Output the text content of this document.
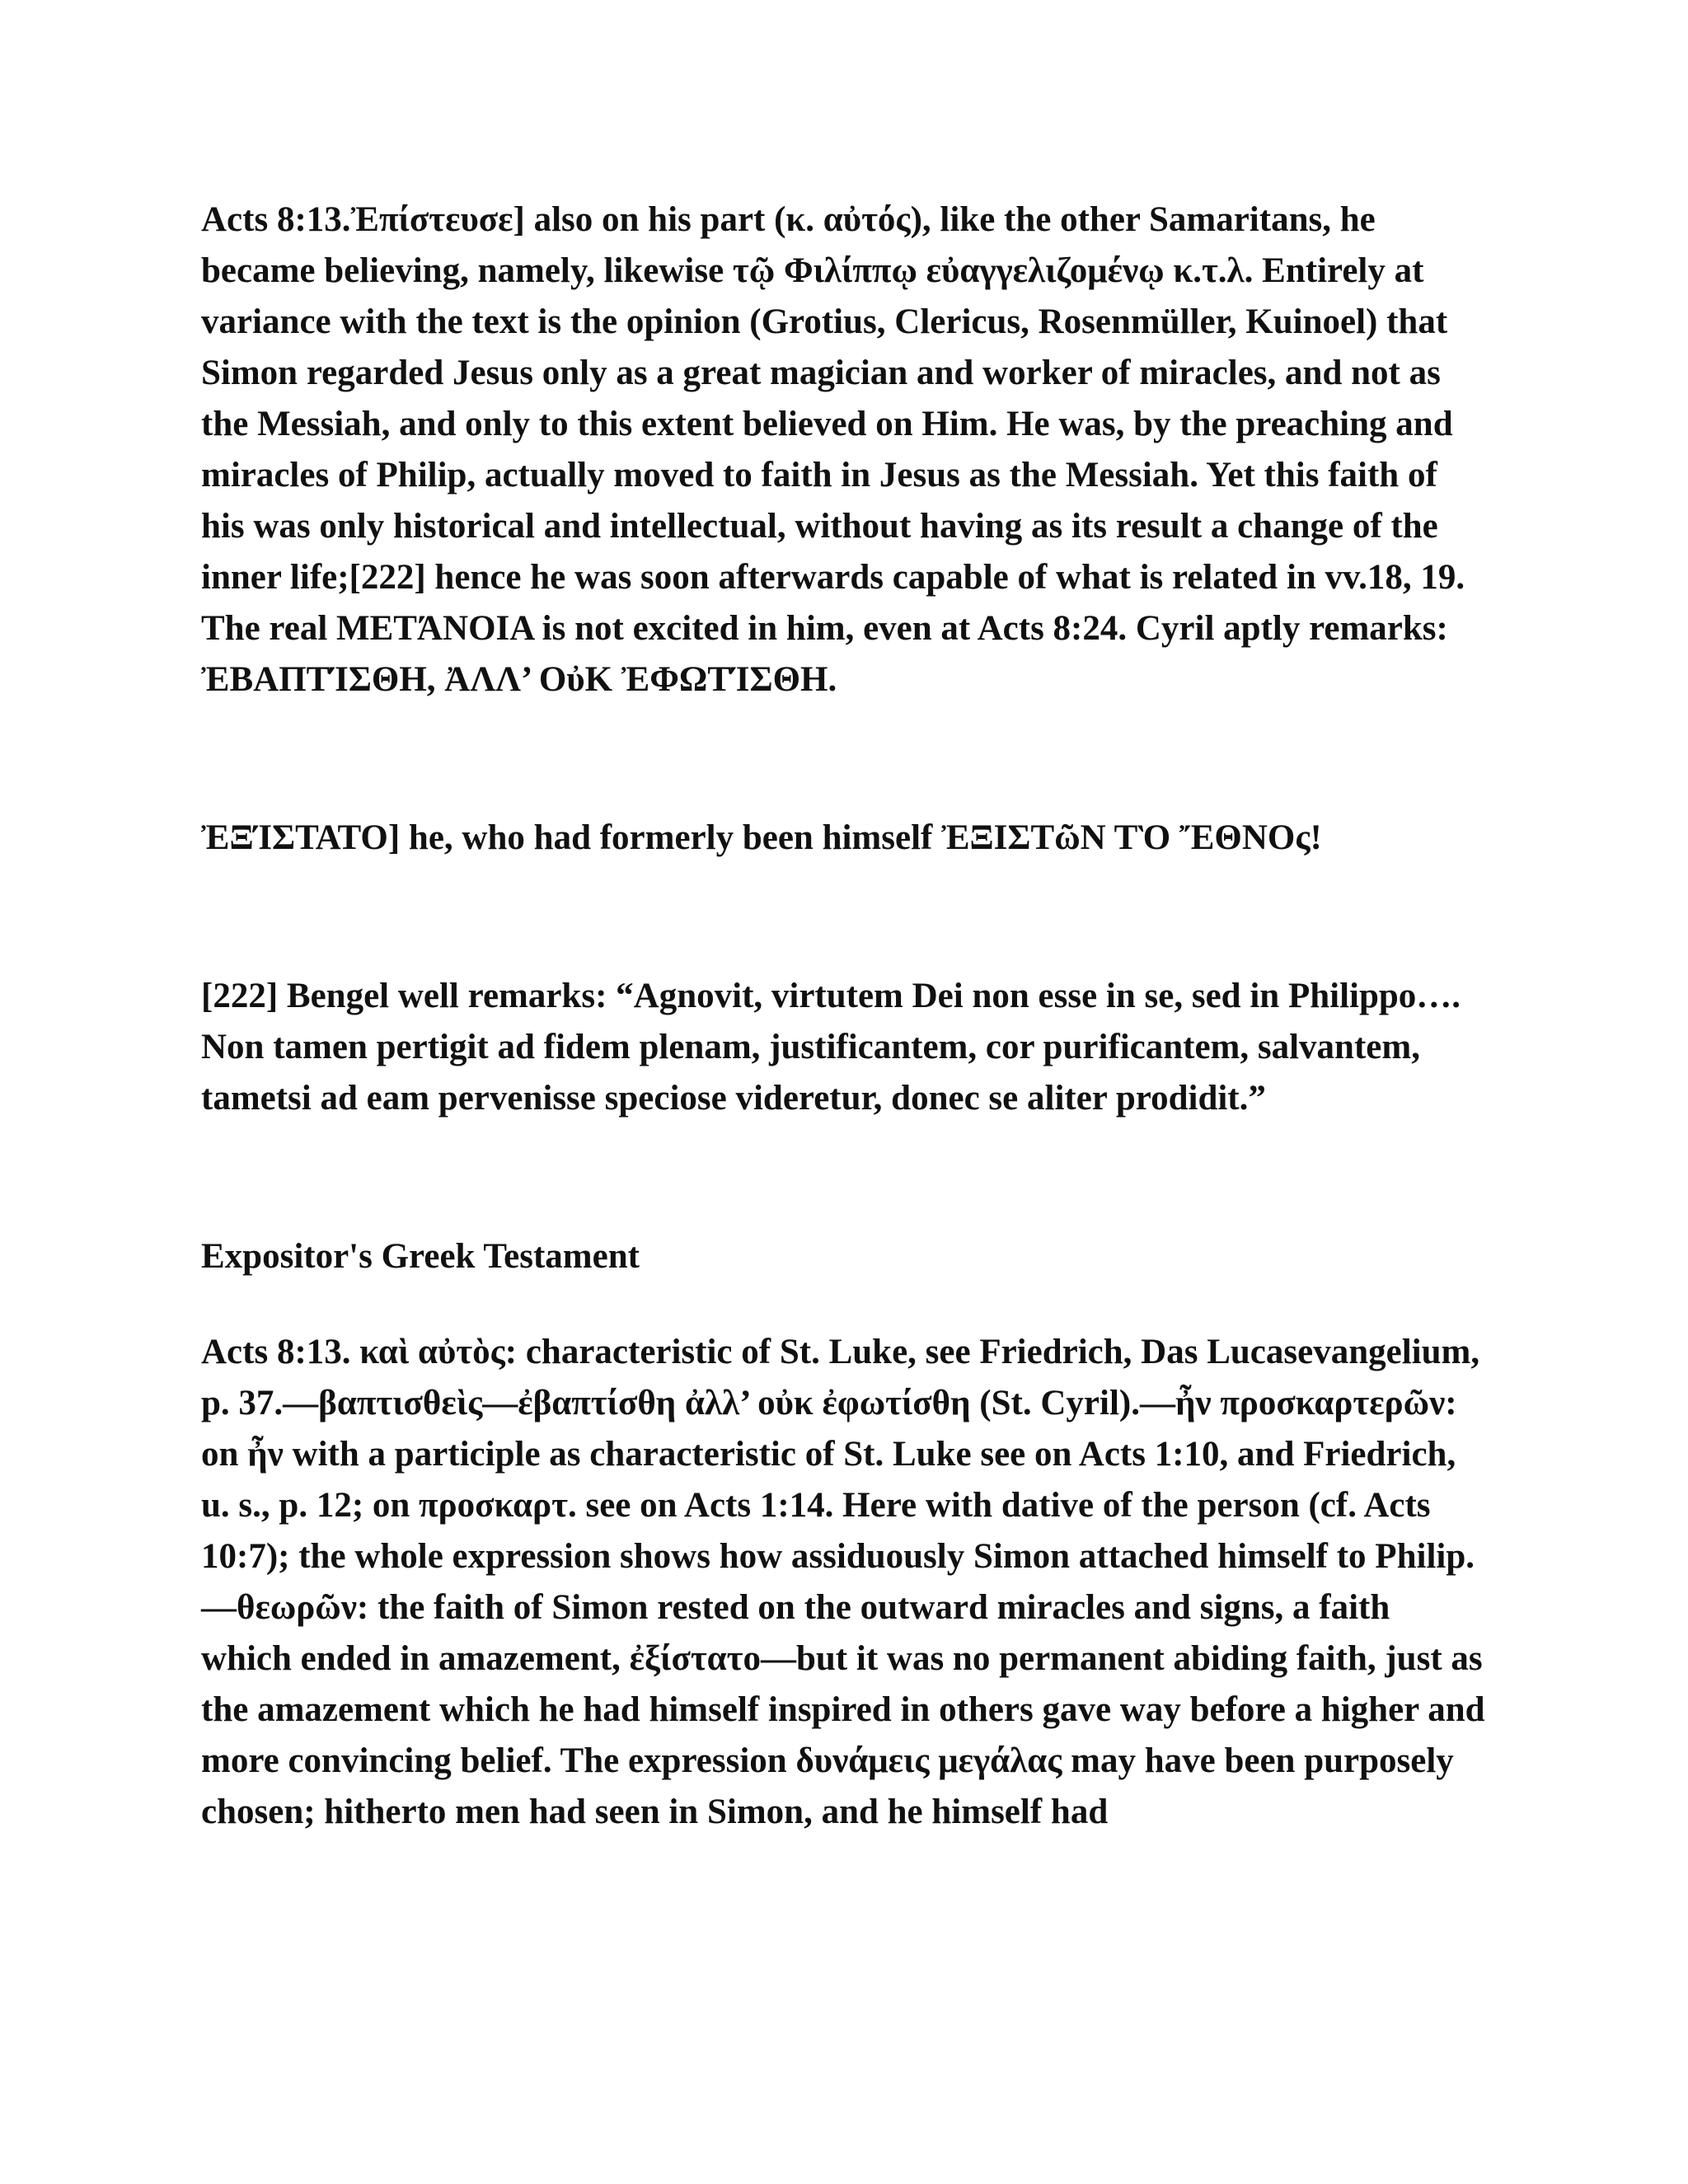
Acts 8:13.Ἐπίστευσε] also on his part (κ. αὐτός), like the other Samaritans, he became believing, namely, likewise τῷ Φιλίππῳ εὐαγγελιζομένῳ κ.τ.λ. Entirely at variance with the text is the opinion (Grotius, Clericus, Rosenmüller, Kuinoel) that Simon regarded Jesus only as a great magician and worker of miracles, and not as the Messiah, and only to this extent believed on Him. He was, by the preaching and miracles of Philip, actually moved to faith in Jesus as the Messiah. Yet this faith of his was only historical and intellectual, without having as its result a change of the inner life;[222] hence he was soon afterwards capable of what is related in vv.18, 19. The real METΆNOIA is not excited in him, even at Acts 8:24. Cyril aptly remarks: ἘΒΑΠΤΊΣΘΗ, ἈΛΛ’ ΟὐΚ ἘΦΩΤΊΣΘΗ.

ἘΞΊΣΤΑΤΟ] he, who had formerly been himself ἘΞΙΣΤῶΝ ΤῸ ἜΘΝΟς!

[222] Bengel well remarks: “Agnovit, virtutem Dei non esse in se, sed in Philippo…. Non tamen pertigit ad fidem plenam, justificantem, cor purificantem, salvantem, tametsi ad eam pervenisse speciose videretur, donec se aliter prodidit.”

Expositor's Greek Testament

Acts 8:13. καὶ αὐτὸς: characteristic of St. Luke, see Friedrich, Das Lucasevangelium, p. 37.—βαπτισθεὶς—ἐβαπτίσθη ἀλλ’ οὐκ ἐφωτίσθη (St. Cyril).—ἦν προσκαρτερῶν: on ἦν with a participle as characteristic of St. Luke see on Acts 1:10, and Friedrich, u. s., p. 12; on προσκαρτ. see on Acts 1:14. Here with dative of the person (cf. Acts 10:7); the whole expression shows how assiduously Simon attached himself to Philip.—θεωρῶν: the faith of Simon rested on the outward miracles and signs, a faith which ended in amazement, ἐξίστατο—but it was no permanent abiding faith, just as the amazement which he had himself inspired in others gave way before a higher and more convincing belief. The expression δυνάμεις μεγάλας may have been purposely chosen; hitherto men had seen in Simon, and he himself had
